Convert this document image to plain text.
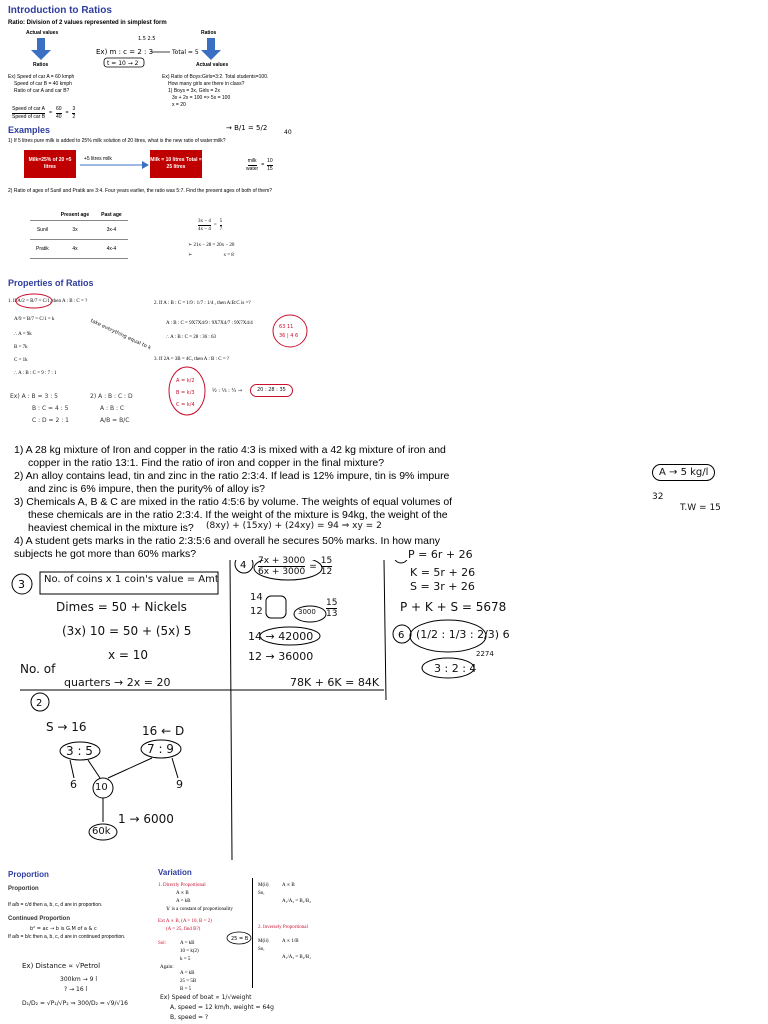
Introduction to Ratios
Ratio: Division of 2 values represented in simplest form
Actual values
Ratios
Ratios
Actual values
Ex) m : c = 2 : 3
t = 10 → 2
Total = 5
1.5 2.5
Ex) Speed of car A = 60 kmph
Speed of car B = 40 kmph
Ratio of car A and car B?
$\frac{\text{Speed of car A}}{\text{Speed of car B}} = \frac{60}{40} = \frac{3}{2}$
Ex) Ratio of Boys:Girls=3:2. Total students=100.
How many girls are there in class?
1) Boys = 3x, Girls = 2x
3x + 2x = 100 => 5x = 100
x = 20
→ B/1 = 5/2
40
Examples
1) If 5 litres pure milk is added to 25% milk solution of 20 litres, what is the new ratio of water:milk?
Milk=25% of 20 =5 litres
+5 litres milk	Milk = 10 litres Total = 25 litres	$\frac{\text{milk}}{\text{water}} = \frac{10}{15}$
2) Ratio of ages of Sunil and Pratik are 3:4. Four years earlier, the ratio was 5:7. Find the present ages of both of them?
	Present age	Past age
Sunil	3x	3x-4
Pratik	4x	4x-4
$\frac{3x - 4}{4x - 4} = \frac{5}{7}$
➢ 21x − 28 = 20x − 20
➢	x = 8
Properties of Ratios
1. If A/2 = B/7 = C/1, then A : B : C = ?
A/9 = B/7 = C/1 = k
∴ A = 9k
B = 7k
C = 1k
∴ A : B : C = 9 : 7 : 1
take everything equal to k
Ex) A : B = 3 : 5
B : C = 4 : 5
C : D = 2 : 1
2) A : B : C : D
A : B : C
A/B = B/C
2. If A : B : C = 1/9 : 1/7 : 1/4 , then A:B:C is =?
A : B : C = 9X7X4/9 : 9X7X4/7 : 9X7X4/4
∴ A : B : C = 28 : 36 : 63
63 11
36 | 4 6
3. If 2A = 3B = 4C, then A : B : C = ?
A = k/2
B = k/3
C = k/4
½ : ⅓ : ¼ →	20 : 28 : 35
1) A 28 kg mixture of Iron and copper in the ratio 4:3 is mixed with a 42 kg mixture of iron and
copper in the ratio 13:1. Find the ratio of iron and copper in the final mixture?
2) An alloy contains lead, tin and zinc in the ratio 2:3:4. If lead is 12% impure, tin is 9% impure
and zinc is 6% impure, then the purity% of alloy is?
3) Chemicals A, B & C are mixed in the ratio 4:5:6 by volume. The weights of equal volumes of
these chemicals are in the ratio 2:3:4. If the weight of the mixture is 94kg, the weight of the
heaviest chemical in the mixture is?
4) A student gets marks in the ratio 2:3:5:6 and overall he secures 50% marks. In how many
subjects he got more than 60% marks?
(8xy) + (15xy) + (24xy) = 94 ⇒ xy = 2
A → 5 kg/l
32
T.W = 15
3
4
6
2
No. of coins x 1 coin's value = Amt
Dimes = 50 + Nickels
(3x) 10 = 50 + (5x) 5
x = 10
No. of
quarters → 2x = 20
S → 16	16 ← D
3 : 5	7 : 9
6 10	9
60k
1 → 6000
$\frac{7x + 3000}{6x + 3000} = \frac{15}{12}$
14
12	$3000 \frac{15}{13}$
14 → 42000
12 → 36000
78K + 6K = 84K
P = 6r + 26
K = 5r + 26
S = 3r + 26
P + K + S = 5678
(1/2 : 1/3 : 2/3) 6
3 : 2 : 4
2274
Proportion
Proportion
If a/b = c/d then a, b, c, d are in proportion.
Continued Proportion
If a/b = b/c then a, b, c, d are in continued proportion.
b² = ac → b is G.M of a & c
Ex) Distance ∝ √Petrol
300km → 9 l
? → 16 l
D₁/D₂ = √P₁/√P₂ ⇒ 300/D₂ = √9/√16
Variation
1. Directly Proportional
A ∝ B
A = kB
'k' is a constant of proportionality
Ext A ∝ B, (A = 10, B = 2)
(A = 25, find B?)
Sol:	A = kB
10 = k(2)
k = 5
Again:
A = kB
25 = 5B
B = 5
25 = B
M(ii)
So,
A ∝ B
A₁/A₂ = B₁/B₂
2. Inversely Proportional
M(ii)
So,
A ∝ 1/B
A₁/A₂ = B₂/B₁
Ex) Speed of boat ∝ 1/√weight
A, speed = 12 km/h, weight = 64g
B, speed = ?
